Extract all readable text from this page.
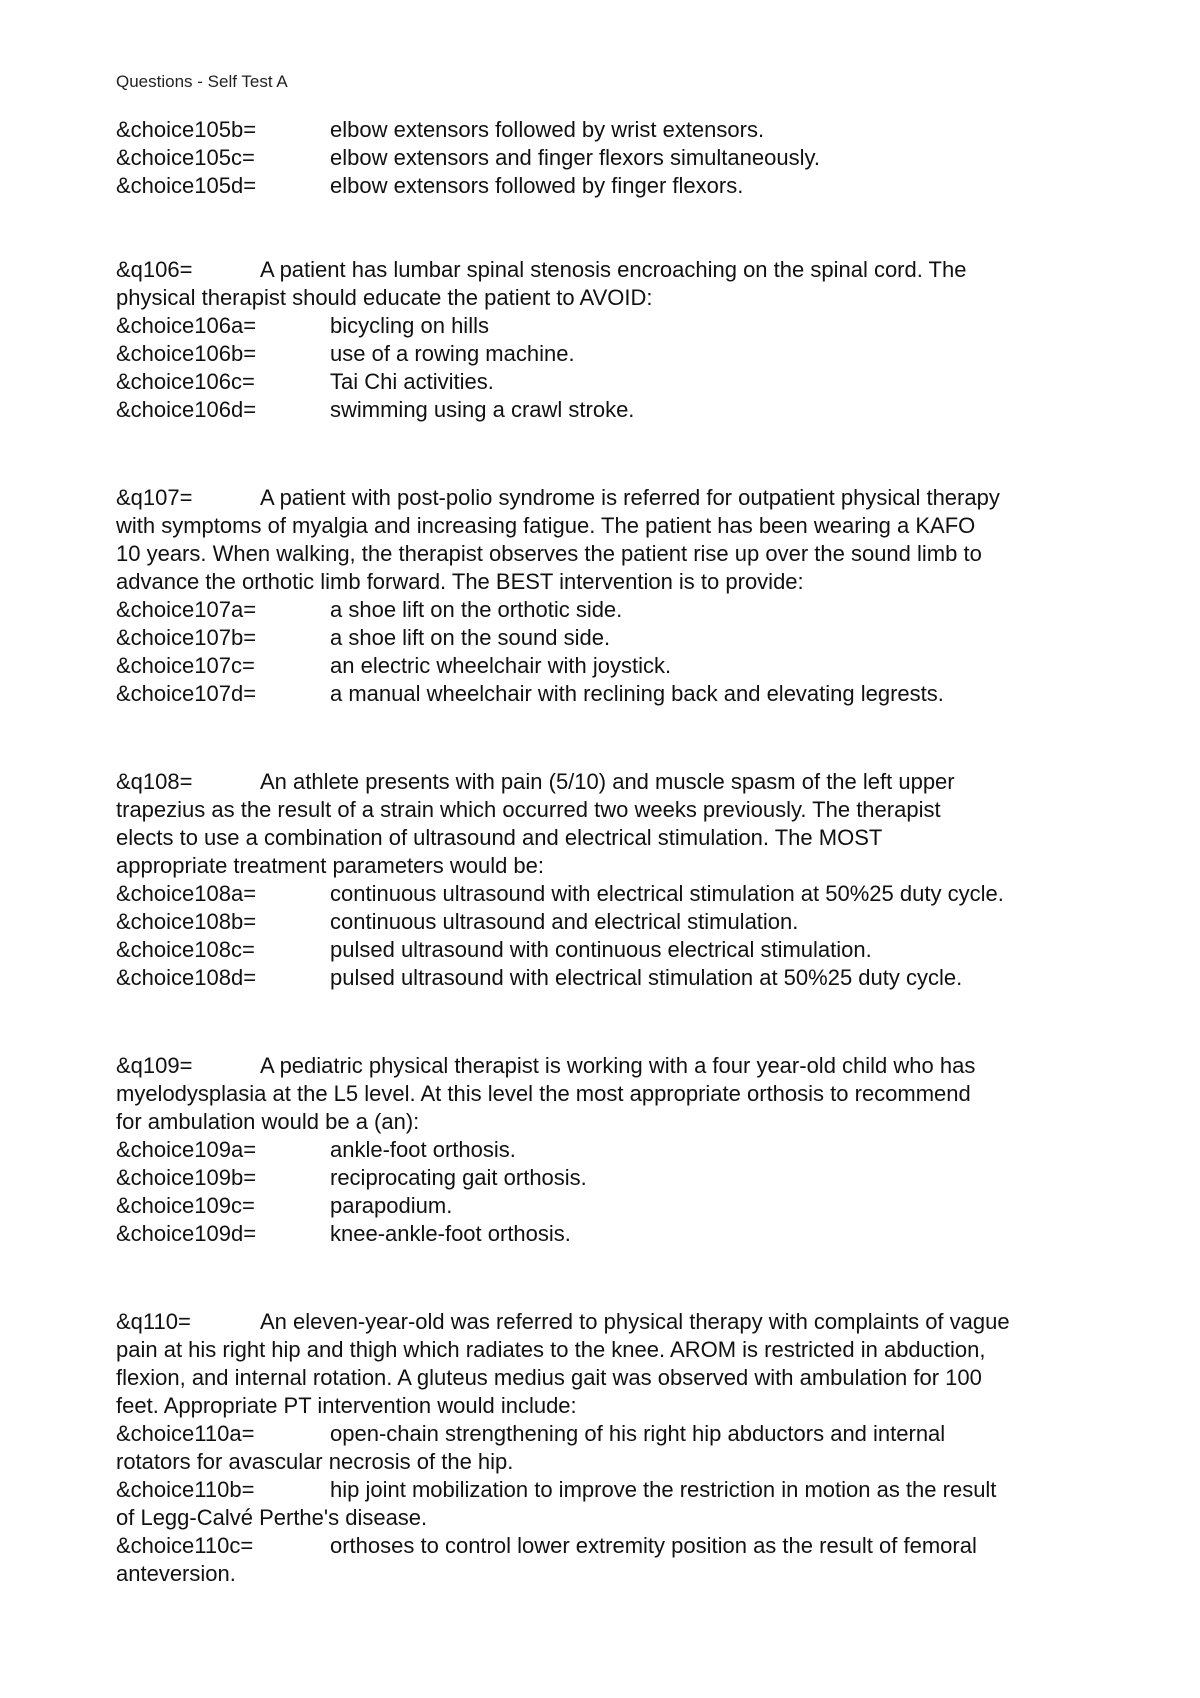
Questions - Self Test A
&choice105b=	elbow extensors followed by wrist extensors.
&choice105c=	elbow extensors and finger flexors simultaneously.
&choice105d=	elbow extensors followed by finger flexors.
&q106=	A patient has lumbar spinal stenosis encroaching on the spinal cord. The
physical therapist should educate the patient to AVOID:
&choice106a=	bicycling on hills
&choice106b=	use of a rowing machine.
&choice106c=	Tai Chi activities.
&choice106d=	swimming using a crawl stroke.
&q107=	A patient with post-polio syndrome is referred for outpatient physical therapy
with symptoms of myalgia and increasing fatigue. The patient has been wearing a KAFO
10 years. When walking, the therapist observes the patient rise up over the sound limb to
advance the orthotic limb forward. The BEST intervention is to provide:
&choice107a=	a shoe lift on the orthotic side.
&choice107b=	a shoe lift on the sound side.
&choice107c=	an electric wheelchair with joystick.
&choice107d=	a manual wheelchair with reclining back and elevating legrests.
&q108=	An athlete presents with pain (5/10) and muscle spasm of the left upper
trapezius as the result of a strain which occurred two weeks previously. The therapist
elects to use a combination of ultrasound and electrical stimulation. The MOST
appropriate treatment parameters would be:
&choice108a=	continuous ultrasound with electrical stimulation at 50%25 duty cycle.
&choice108b=	continuous ultrasound and electrical stimulation.
&choice108c=	pulsed ultrasound with continuous electrical stimulation.
&choice108d=	pulsed ultrasound with electrical stimulation at 50%25 duty cycle.
&q109=	A pediatric physical therapist is working with a four year-old child who has
myelodysplasia at the L5 level. At this level the most appropriate orthosis to recommend
for ambulation would be a (an):
&choice109a=	ankle-foot orthosis.
&choice109b=	reciprocating gait orthosis.
&choice109c=	parapodium.
&choice109d=	knee-ankle-foot orthosis.
&q110=	An eleven-year-old was referred to physical therapy with complaints of vague
pain at his right hip and thigh which radiates to the knee. AROM is restricted in abduction,
flexion, and internal rotation. A gluteus medius gait was observed with ambulation for 100
feet. Appropriate PT intervention would include:
&choice110a=	open-chain strengthening of his right hip abductors and internal
rotators for avascular necrosis of the hip.
&choice110b=	hip joint mobilization to improve the restriction in motion as the result
of Legg-Calvé Perthe's disease.
&choice110c=	orthoses to control lower extremity position as the result of femoral
anteversion.
